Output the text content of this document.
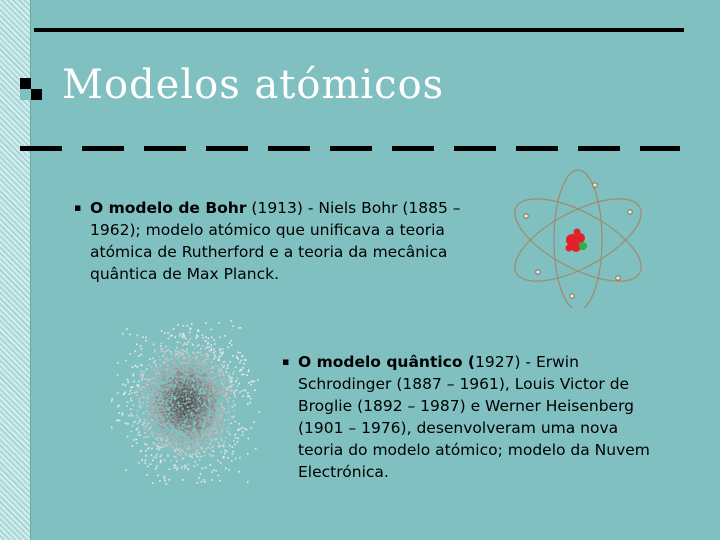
Modelos atómicos

▪ O modelo de Bohr (1913) - Niels Bohr (1885 – 1962); modelo atómico que unificava a teoria atómica de Rutherford e a teoria da mecânica quântica de Max Planck.

▪ O modelo quântico (1927) - Erwin Schrodinger (1887 – 1961), Louis Victor de Broglie (1892 – 1987) e Werner Heisenberg (1901 – 1976), desenvolveram uma nova teoria do modelo atómico; modelo da Nuvem Electrónica.
